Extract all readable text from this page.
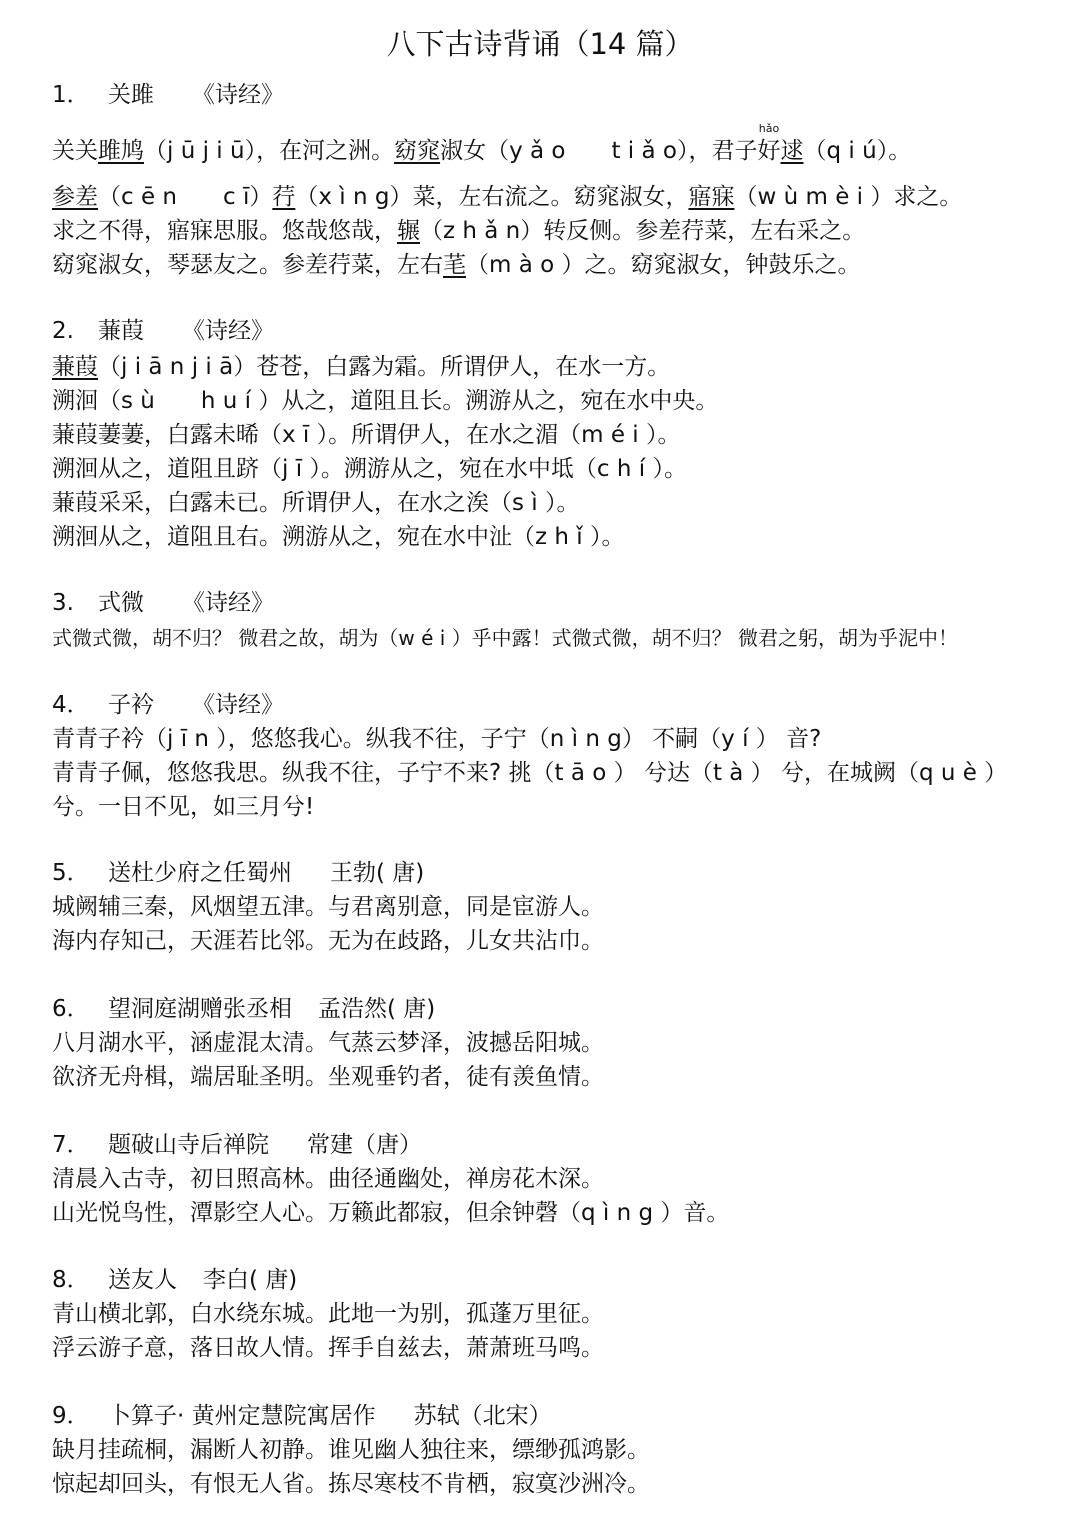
八下古诗背诵（14 篇）
1． 关雎 《诗经》
关关雎鸠（j ū j i ū），在河之洲。窈窕淑女（y ǎ o　　t i ǎ o），君子
hǎo
好逑（q i ú）。
参差（c ē n　　c ī）荇（x ì n g）菜，左右流之。窈窕淑女，寤寐（w ù m è i ）求之。
求之不得，寤寐思服。悠哉悠哉，辗（z h ǎ n）转反侧。参差荇菜，左右采之。
窈窕淑女，琴瑟友之。参差荇菜，左右芼（m à o ）之。窈窕淑女，钟鼓乐之。
2. 蒹葭 《诗经》
蒹葭（j i ā n j i ā）苍苍，白露为霜。所谓伊人，在水一方。
溯洄（s ù　　h u í ）从之，道阻且长。溯游从之，宛在水中央。
蒹葭萋萋，白露未晞（x ī ）。所谓伊人，在水之湄（m é i ）。
溯洄从之，道阻且跻（j ī ）。溯游从之，宛在水中坻（c h í ）。
蒹葭采采，白露未已。所谓伊人，在水之涘（s ì ）。
溯洄从之，道阻且右。溯游从之，宛在水中沚（z h ǐ ）。
3. 式微 《诗经》
式微式微，胡不归？ 微君之故，胡为（w é i ）乎中露！式微式微，胡不归？ 微君之躬，胡为乎泥中！
4． 子衿 《诗经》
青青子衿（j ī n ），悠悠我心。纵我不往，子宁（n ì n g） 不嗣（y í ） 音?
青青子佩，悠悠我思。纵我不往，子宁不来? 挑（t ā o ） 兮达（t à ） 兮，在城阙（q u è ）
兮。一日不见，如三月兮!
5． 送杜少府之任蜀州 王勃( 唐)
城阙辅三秦，风烟望五津。与君离别意，同是宦游人。
海内存知己，天涯若比邻。无为在歧路，儿女共沾巾。
6． 望洞庭湖赠张丞相 孟浩然( 唐)
八月湖水平，涵虚混太清。气蒸云梦泽，波撼岳阳城。
欲济无舟楫，端居耻圣明。坐观垂钓者，徒有羡鱼情。
7． 题破山寺后禅院 常建（唐）
清晨入古寺，初日照高林。曲径通幽处，禅房花木深。
山光悦鸟性，潭影空人心。万籁此都寂，但余钟磬（q ì n g ）音。
8． 送友人 李白( 唐)
青山横北郭，白水绕东城。此地一为别，孤蓬万里征。
浮云游子意，落日故人情。挥手自兹去，萧萧班马鸣。
9． 卜算子· 黄州定慧院寓居作 苏轼（北宋）
缺月挂疏桐，漏断人初静。谁见幽人独往来，缥缈孤鸿影。
惊起却回头，有恨无人省。拣尽寒枝不肯栖，寂寞沙洲冷。
